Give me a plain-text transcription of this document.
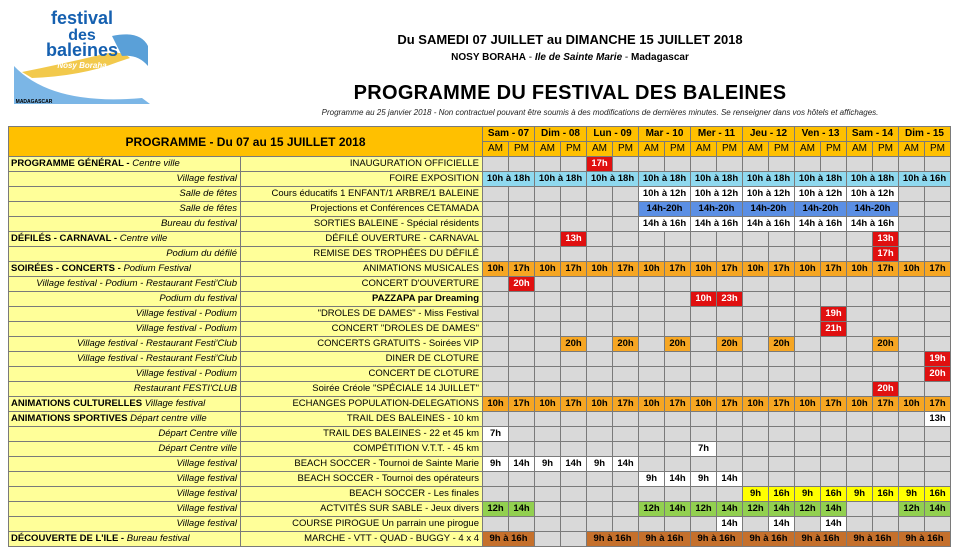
festival
des
baleines
Nosy Boraha
MADAGASCAR
Du SAMEDI 07 JUILLET au DIMANCHE 15 JUILLET 2018
NOSY BORAHA - Ile de Sainte Marie - Madagascar
PROGRAMME DU FESTIVAL DES BALEINES
Programme au 25 janvier 2018 - Non contractuel pouvant être soumis à des modifications de dernières minutes. Se renseigner dans vos hôtels et affichages.
PROGRAMME - Du 07 au 15 JUILLET 2018		Sam - 07		Dim - 08		Lun - 09		Mar - 10		Mer - 11		Jeu - 12		Ven - 13		Sam - 14		Dim - 15	
		AM	PM	AM	PM	AM	PM	AM	PM	AM	PM	AM	PM	AM	PM	AM	PM	AM	PM
PROGRAMME GÉNÉRAL - Centre ville	INAUGURATION OFFICIELLE					17h													
Village festival	FOIRE EXPOSITION	10h à 18h		10h à 18h		10h à 18h		10h à 18h		10h à 18h		10h à 18h		10h à 18h		10h à 18h		10h à 16h	
Salle de fêtes	Cours éducatifs 1 ENFANT/1 ARBRE/1 BALEINE							10h à 12h		10h à 12h		10h à 12h		10h à 12h		10h à 12h			
Salle de fêtes	Projections et Conférences CETAMADA							14h-20h		14h-20h		14h-20h		14h-20h		14h-20h			
Bureau du festival	SORTIES BALEINE - Spécial résidents							14h à 16h		14h à 16h		14h à 16h		14h à 16h		14h à 16h			
DÉFILÉS - CARNAVAL - Centre ville	DÉFILÉ OUVERTURE - CARNAVAL				13h												13h		
Podium du défilé	REMISE DES TROPHÉES DU DÉFILÉ																17h		
SOIRÉES - CONCERTS - Podium Festival	ANIMATIONS MUSICALES	10h	17h	10h	17h	10h	17h	10h	17h	10h	17h	10h	17h	10h	17h	10h	17h	10h	17h
Village festival - Podium - Restaurant Festi'Club	CONCERT D'OUVERTURE		20h																
Podium du festival	PAZZAPA par Dreaming									10h	23h								
Village festival - Podium	"DROLES DE DAMES" - Miss Festival														19h				
Village festival - Podium	CONCERT "DROLES DE DAMES"														21h				
Village festival - Restaurant Festi'Club	CONCERTS GRATUITS - Soirées VIP				20h		20h		20h		20h		20h				20h		
Village festival - Restaurant Festi'Club	DINER DE CLOTURE																		19h
Village festival - Podium	CONCERT DE CLOTURE																		20h
Restaurant FESTI'CLUB	Soirée Créole "SPÉCIALE 14 JUILLET"																20h		
ANIMATIONS CULTURELLES Village festival	ECHANGES POPULATION-DELEGATIONS	10h	17h	10h	17h	10h	17h	10h	17h	10h	17h	10h	17h	10h	17h	10h	17h	10h	17h
ANIMATIONS SPORTIVES Départ centre ville	TRAIL DES BALEINES - 10 km																		13h
Départ Centre ville	TRAIL DES BALEINES - 22 et 45 km	7h																	
Départ Centre ville	COMPÉTITION V.T.T. - 45 km									7h									
Village festival	BEACH SOCCER - Tournoi de Sainte Marie	9h	14h	9h	14h	9h	14h												
Village festival	BEACH SOCCER - Tournoi des opérateurs							9h	14h	9h	14h								
Village festival	BEACH SOCCER - Les finales											9h	16h	9h	16h	9h	16h	9h	16h
Village festival	ACTVITÉS SUR SABLE - Jeux divers	12h	14h					12h	14h	12h	14h	12h	14h	12h	14h			12h	14h
Village festival	COURSE PIROGUE Un parrain une pirogue										14h		14h		14h				
DÉCOUVERTE DE L'ILE - Bureau festival	MARCHE - VTT - QUAD - BUGGY - 4 x 4	9h à 16h				9h à 16h		9h à 16h		9h à 16h		9h à 16h		9h à 16h		9h à 16h		9h à 16h	
